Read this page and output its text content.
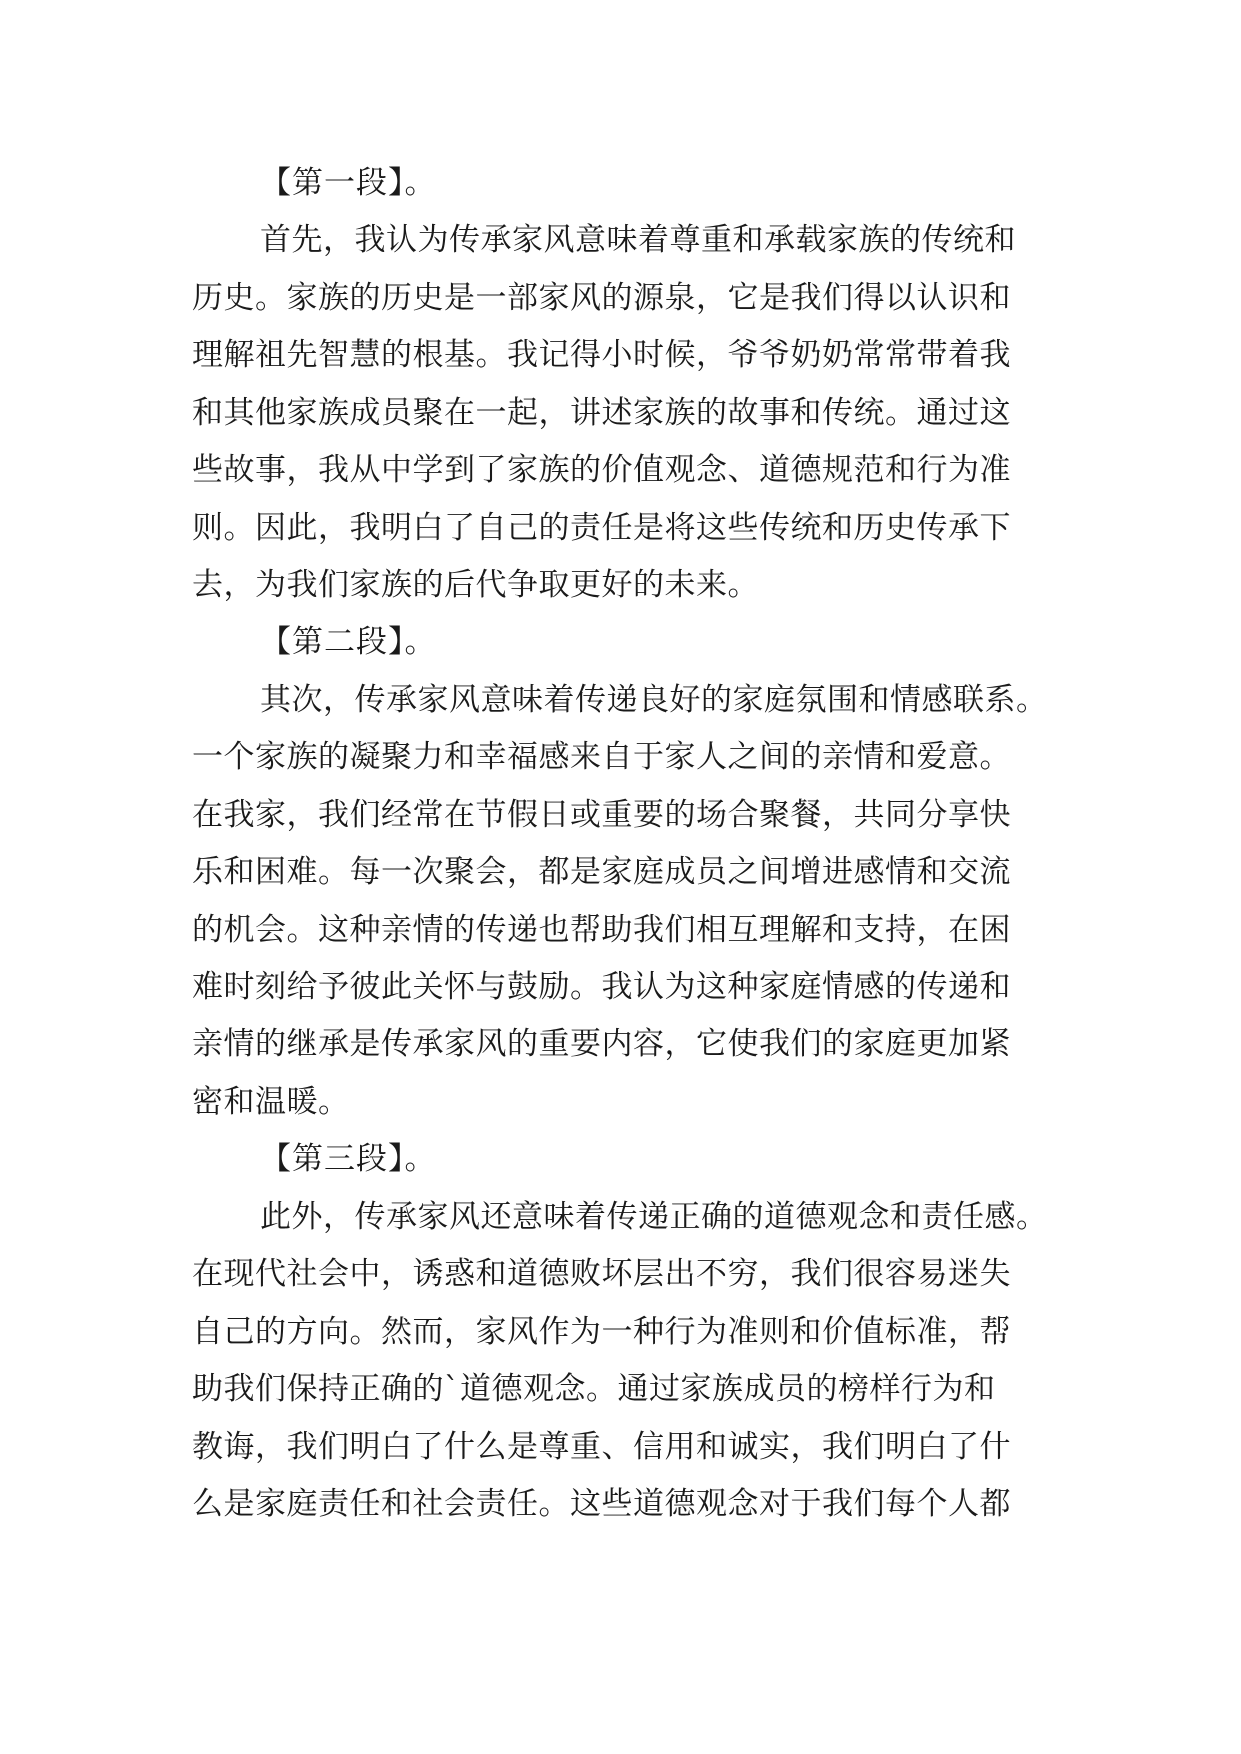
【第一段】。
首先，我认为传承家风意味着尊重和承载家族的传统和
历史。家族的历史是一部家风的源泉，它是我们得以认识和
理解祖先智慧的根基。我记得小时候，爷爷奶奶常常带着我
和其他家族成员聚在一起，讲述家族的故事和传统。通过这
些故事，我从中学到了家族的价值观念、道德规范和行为准
则。因此，我明白了自己的责任是将这些传统和历史传承下
去，为我们家族的后代争取更好的未来。
【第二段】。
其次，传承家风意味着传递良好的家庭氛围和情感联系。
一个家族的凝聚力和幸福感来自于家人之间的亲情和爱意。
在我家，我们经常在节假日或重要的场合聚餐，共同分享快
乐和困难。每一次聚会，都是家庭成员之间增进感情和交流
的机会。这种亲情的传递也帮助我们相互理解和支持，在困
难时刻给予彼此关怀与鼓励。我认为这种家庭情感的传递和
亲情的继承是传承家风的重要内容，它使我们的家庭更加紧
密和温暖。
【第三段】。
此外，传承家风还意味着传递正确的道德观念和责任感。
在现代社会中，诱惑和道德败坏层出不穷，我们很容易迷失
自己的方向。然而，家风作为一种行为准则和价值标准，帮
助我们保持正确的`道德观念。通过家族成员的榜样行为和
教诲，我们明白了什么是尊重、信用和诚实，我们明白了什
么是家庭责任和社会责任。这些道德观念对于我们每个人都
